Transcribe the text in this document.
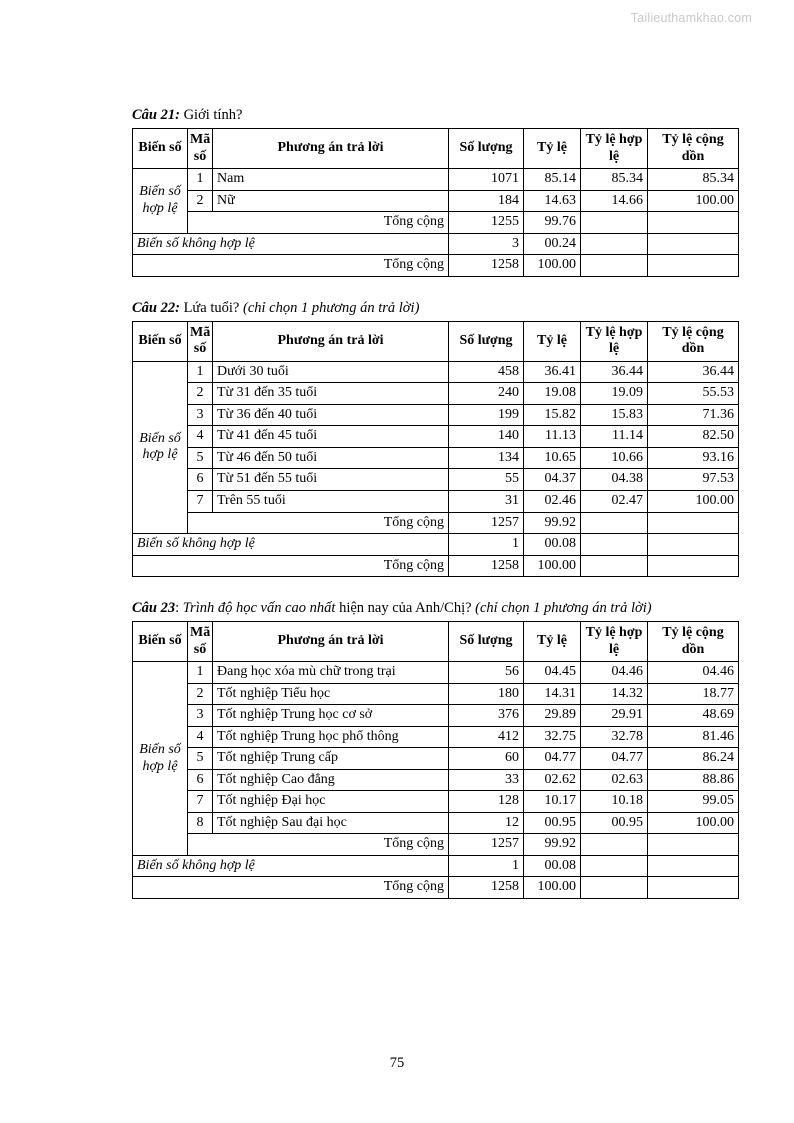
Tailieuthamkhao.com
Câu 21: Giới tính?
Biến số	Mã số	Phương án trả lời	Số lượng	Tỷ lệ	Tỷ lệ hợp lệ	Tỷ lệ cộng dồn
Biến số hợp lệ	1	Nam	1071	85.14	85.34	85.34
	2	Nữ	184	14.63	14.66	100.00
	Tổng cộng		1255	99.76		
Biến số không hợp lệ			3	00.24		
Tổng cộng			1258	100.00		
Câu 22: Lứa tuổi? (chỉ chọn 1 phương án trả lời)
Biến số	Mã số	Phương án trả lời	Số lượng	Tỷ lệ	Tỷ lệ hợp lệ	Tỷ lệ cộng dồn
Biến số hợp lệ	1	Dưới 30 tuổi	458	36.41	36.44	36.44
	2	Từ 31 đến 35 tuổi	240	19.08	19.09	55.53
	3	Từ 36 đến 40 tuổi	199	15.82	15.83	71.36
	4	Từ 41 đến 45 tuổi	140	11.13	11.14	82.50
	5	Từ 46 đến 50 tuổi	134	10.65	10.66	93.16
	6	Từ 51 đến 55 tuổi	55	04.37	04.38	97.53
	7	Trên 55 tuổi	31	02.46	02.47	100.00
	Tổng cộng		1257	99.92		
Biến số không hợp lệ			1	00.08		
Tổng cộng			1258	100.00		
Câu 23: Trình độ học vấn cao nhất hiện nay của Anh/Chị? (chỉ chọn 1 phương án trả lời)
Biến số	Mã số	Phương án trả lời	Số lượng	Tỷ lệ	Tỷ lệ hợp lệ	Tỷ lệ cộng dồn
Biến số hợp lệ	1	Đang học xóa mù chữ trong trại	56	04.45	04.46	04.46
	2	Tốt nghiệp Tiểu học	180	14.31	14.32	18.77
	3	Tốt nghiệp Trung học cơ sở	376	29.89	29.91	48.69
	4	Tốt nghiệp Trung học phổ thông	412	32.75	32.78	81.46
	5	Tốt nghiệp Trung cấp	60	04.77	04.77	86.24
	6	Tốt nghiệp Cao đẳng	33	02.62	02.63	88.86
	7	Tốt nghiệp Đại học	128	10.17	10.18	99.05
	8	Tốt nghiệp Sau đại học	12	00.95	00.95	100.00
	Tổng cộng		1257	99.92		
Biến số không hợp lệ			1	00.08		
Tổng cộng			1258	100.00		
75
